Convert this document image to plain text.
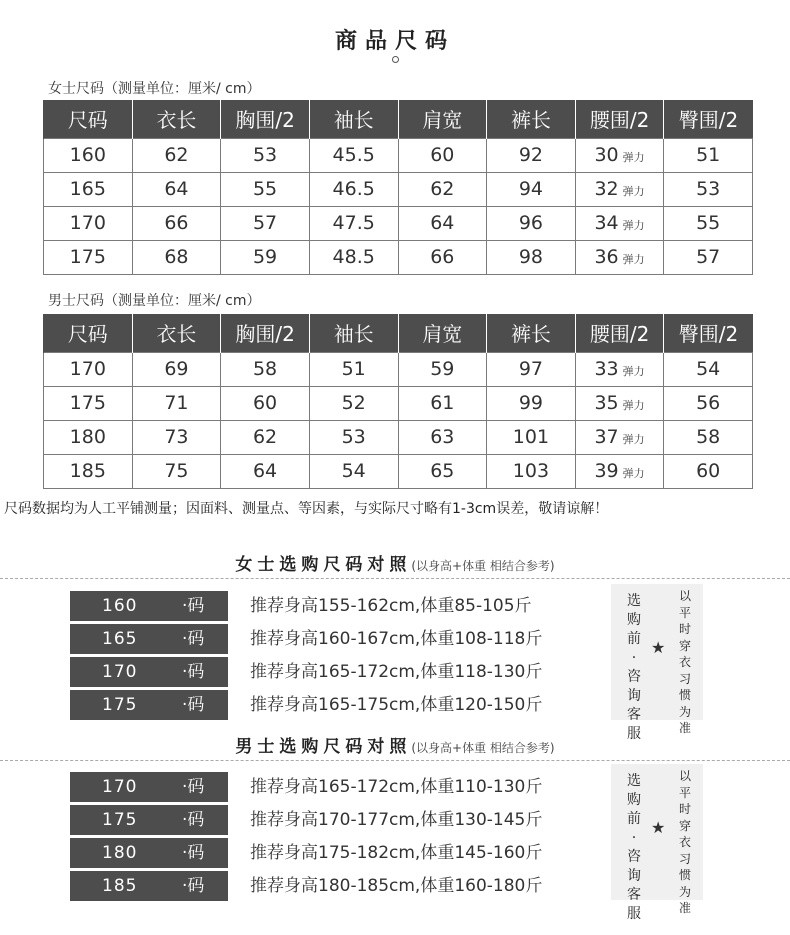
商品尺码
女士尺码（测量单位：厘米/ cm）
尺码	衣长	胸围/2	袖长	肩宽	裤长	腰围/2	臀围/2
160	62	53	45.5	60	92	30 弹力	51
165	64	55	46.5	62	94	32 弹力	53
170	66	57	47.5	64	96	34 弹力	55
175	68	59	48.5	66	98	36 弹力	57
男士尺码（测量单位：厘米/ cm）
尺码	衣长	胸围/2	袖长	肩宽	裤长	腰围/2	臀围/2
170	69	58	51	59	97	33 弹力	54
175	71	60	52	61	99	35 弹力	56
180	73	62	53	63	101	37 弹力	58
185	75	64	54	65	103	39 弹力	60
尺码数据均为人工平铺测量；因面料、测量点、等因素，与实际尺寸略有1-3cm误差，敬请谅解！
女士选购尺码对照(以身高+体重 相结合参考)
160	·码	推荐身高155-162cm,体重85-105斤
165	·码	推荐身高160-167cm,体重108-118斤
170	·码	推荐身高165-172cm,体重118-130斤
175	·码	推荐身高165-175cm,体重120-150斤
选购前·咨询客服
★
以平时穿衣习惯为准
男士选购尺码对照(以身高+体重 相结合参考)
170	·码	推荐身高165-172cm,体重110-130斤
175	·码	推荐身高170-177cm,体重130-145斤
180	·码	推荐身高175-182cm,体重145-160斤
185	·码	推荐身高180-185cm,体重160-180斤
选购前·咨询客服
★
以平时穿衣习惯为准
